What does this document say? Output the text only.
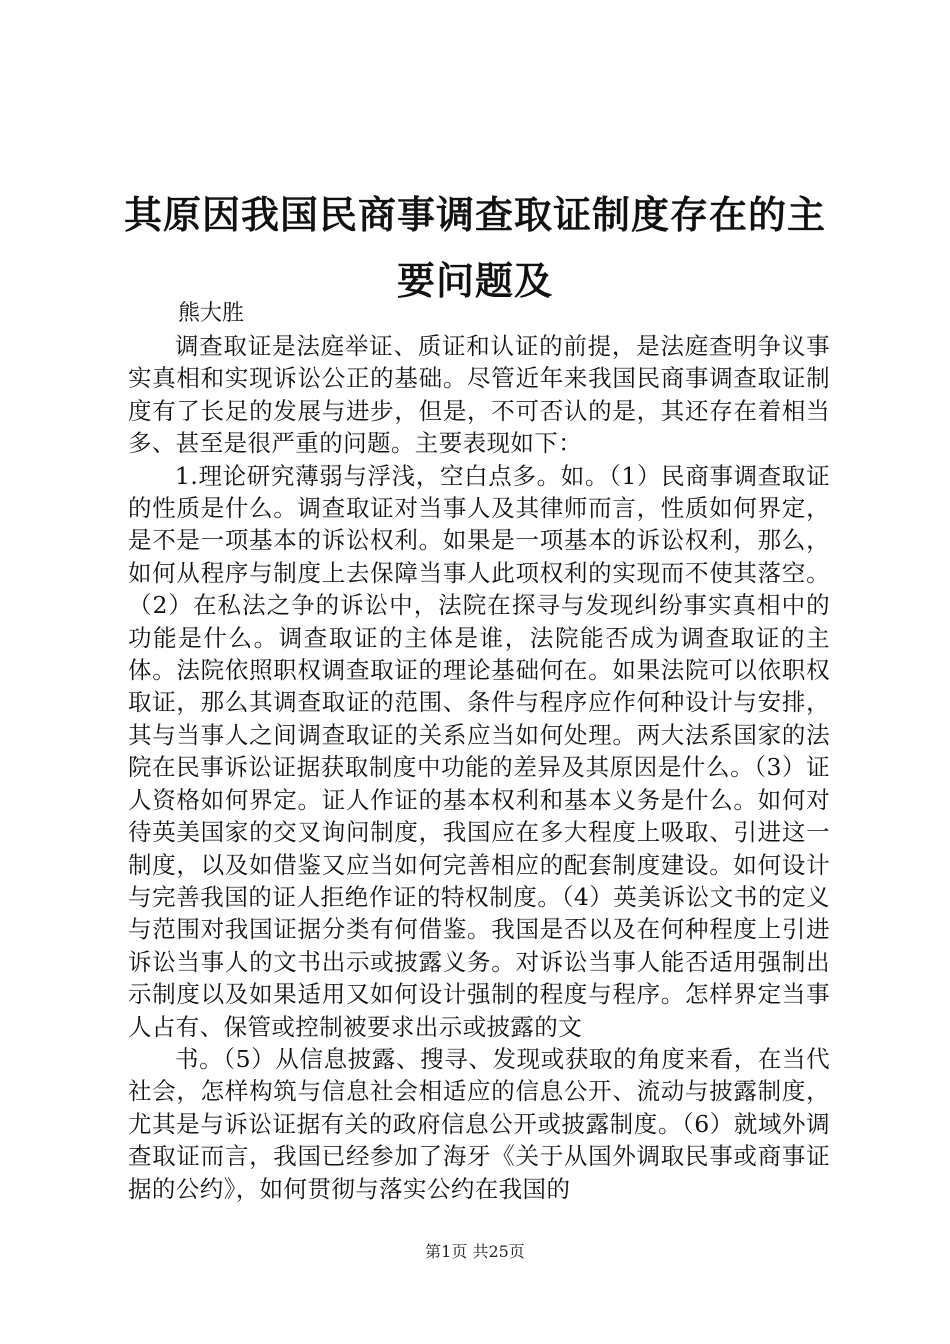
其原因我国民商事调查取证制度存在的主要问题及
熊大胜

调查取证是法庭举证、质证和认证的前提，是法庭查明争议事实真相和实现诉讼公正的基础。尽管近年来我国民商事调查取证制度有了长足的发展与进步，但是，不可否认的是，其还存在着相当多、甚至是很严重的问题。主要表现如下：

1.理论研究薄弱与浮浅，空白点多。如。（1）民商事调查取证的性质是什么。调查取证对当事人及其律师而言，性质如何界定，是不是一项基本的诉讼权利。如果是一项基本的诉讼权利，那么，如何从程序与制度上去保障当事人此项权利的实现而不使其落空。（2）在私法之争的诉讼中，法院在探寻与发现纠纷事实真相中的功能是什么。调查取证的主体是谁，法院能否成为调查取证的主体。法院依照职权调查取证的理论基础何在。如果法院可以依职权取证，那么其调查取证的范围、条件与程序应作何种设计与安排，其与当事人之间调查取证的关系应当如何处理。两大法系国家的法院在民事诉讼证据获取制度中功能的差异及其原因是什么。（3）证人资格如何界定。证人作证的基本权利和基本义务是什么。如何对待英美国家的交叉询问制度，我国应在多大程度上吸取、引进这一制度，以及如借鉴又应当如何完善相应的配套制度建设。如何设计与完善我国的证人拒绝作证的特权制度。（4）英美诉讼文书的定义与范围对我国证据分类有何借鉴。我国是否以及在何种程度上引进诉讼当事人的文书出示或披露义务。对诉讼当事人能否适用强制出示制度以及如果适用又如何设计强制的程度与程序。怎样界定当事人占有、保管或控制被要求出示或披露的文

书。（5）从信息披露、搜寻、发现或获取的角度来看，在当代社会，怎样构筑与信息社会相适应的信息公开、流动与披露制度，尤其是与诉讼证据有关的政府信息公开或披露制度。（6）就域外调查取证而言，我国已经参加了海牙《关于从国外调取民事或商事证据的公约》，如何贯彻与落实公约在我国的

第1页 共25页
